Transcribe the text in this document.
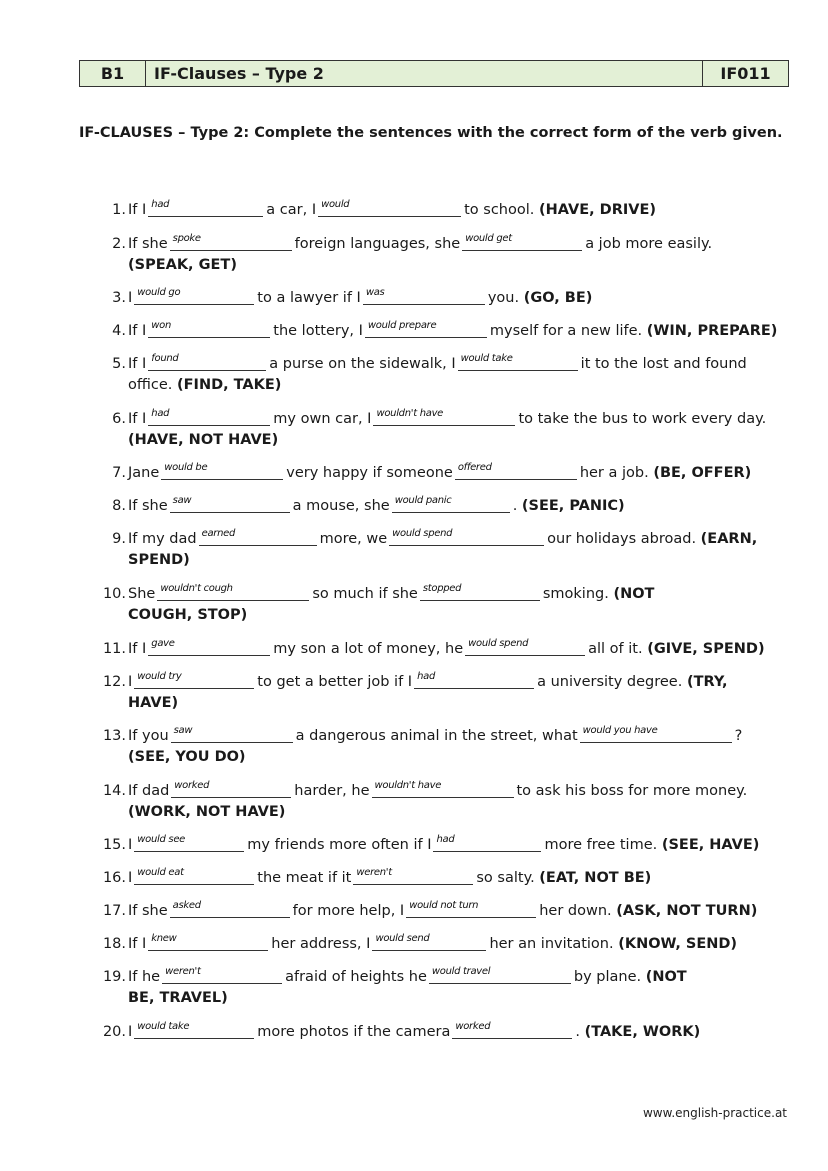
B1	IF-Clauses – Type 2	IF011
IF-CLAUSES – Type 2: Complete the sentences with the correct form of the verb given.
1. If I had	a car, I would	to school. (HAVE, DRIVE)
2. If she spoke	foreign languages, she would get	a job more easily.
(SPEAK, GET)
3. I would go	to a lawyer if I was	you. (GO, BE)
4. If I won	the lottery, I would prepare	myself for a new life. (WIN, PREPARE)
5. If I found	a purse on the sidewalk, I would take	it to the lost and found
office. (FIND, TAKE)
6. If I had	my own car, I wouldn't have	to take the bus to work every day.
(HAVE, NOT HAVE)
7. Jane would be	very happy if someone offered	her a job. (BE, OFFER)
8. If she saw	a mouse, she would panic	. (SEE, PANIC)
9. If my dad earned	more, we would spend	our holidays abroad. (EARN,
SPEND)
10. She wouldn't cough	so much if she stopped	smoking. (NOT
COUGH, STOP)
11. If I gave	my son a lot of money, he would spend	all of it. (GIVE, SPEND)
12. I would try	to get a better job if I had	a university degree. (TRY,
HAVE)
13. If you saw	a dangerous animal in the street, what would you have	?
(SEE, YOU DO)
14. If dad worked	harder, he wouldn't have	to ask his boss for more money.
(WORK, NOT HAVE)
15. I would see	my friends more often if I had	more free time. (SEE, HAVE)
16. I would eat	the meat if it weren't	so salty. (EAT, NOT BE)
17. If she asked	for more help, I would not turn	her down. (ASK, NOT TURN)
18. If I knew	her address, I would send	her an invitation. (KNOW, SEND)
19. If he weren't	afraid of heights he would travel	by plane. (NOT
BE, TRAVEL)
20. I would take	more photos if the camera worked	. (TAKE, WORK)
www.english-practice.at
